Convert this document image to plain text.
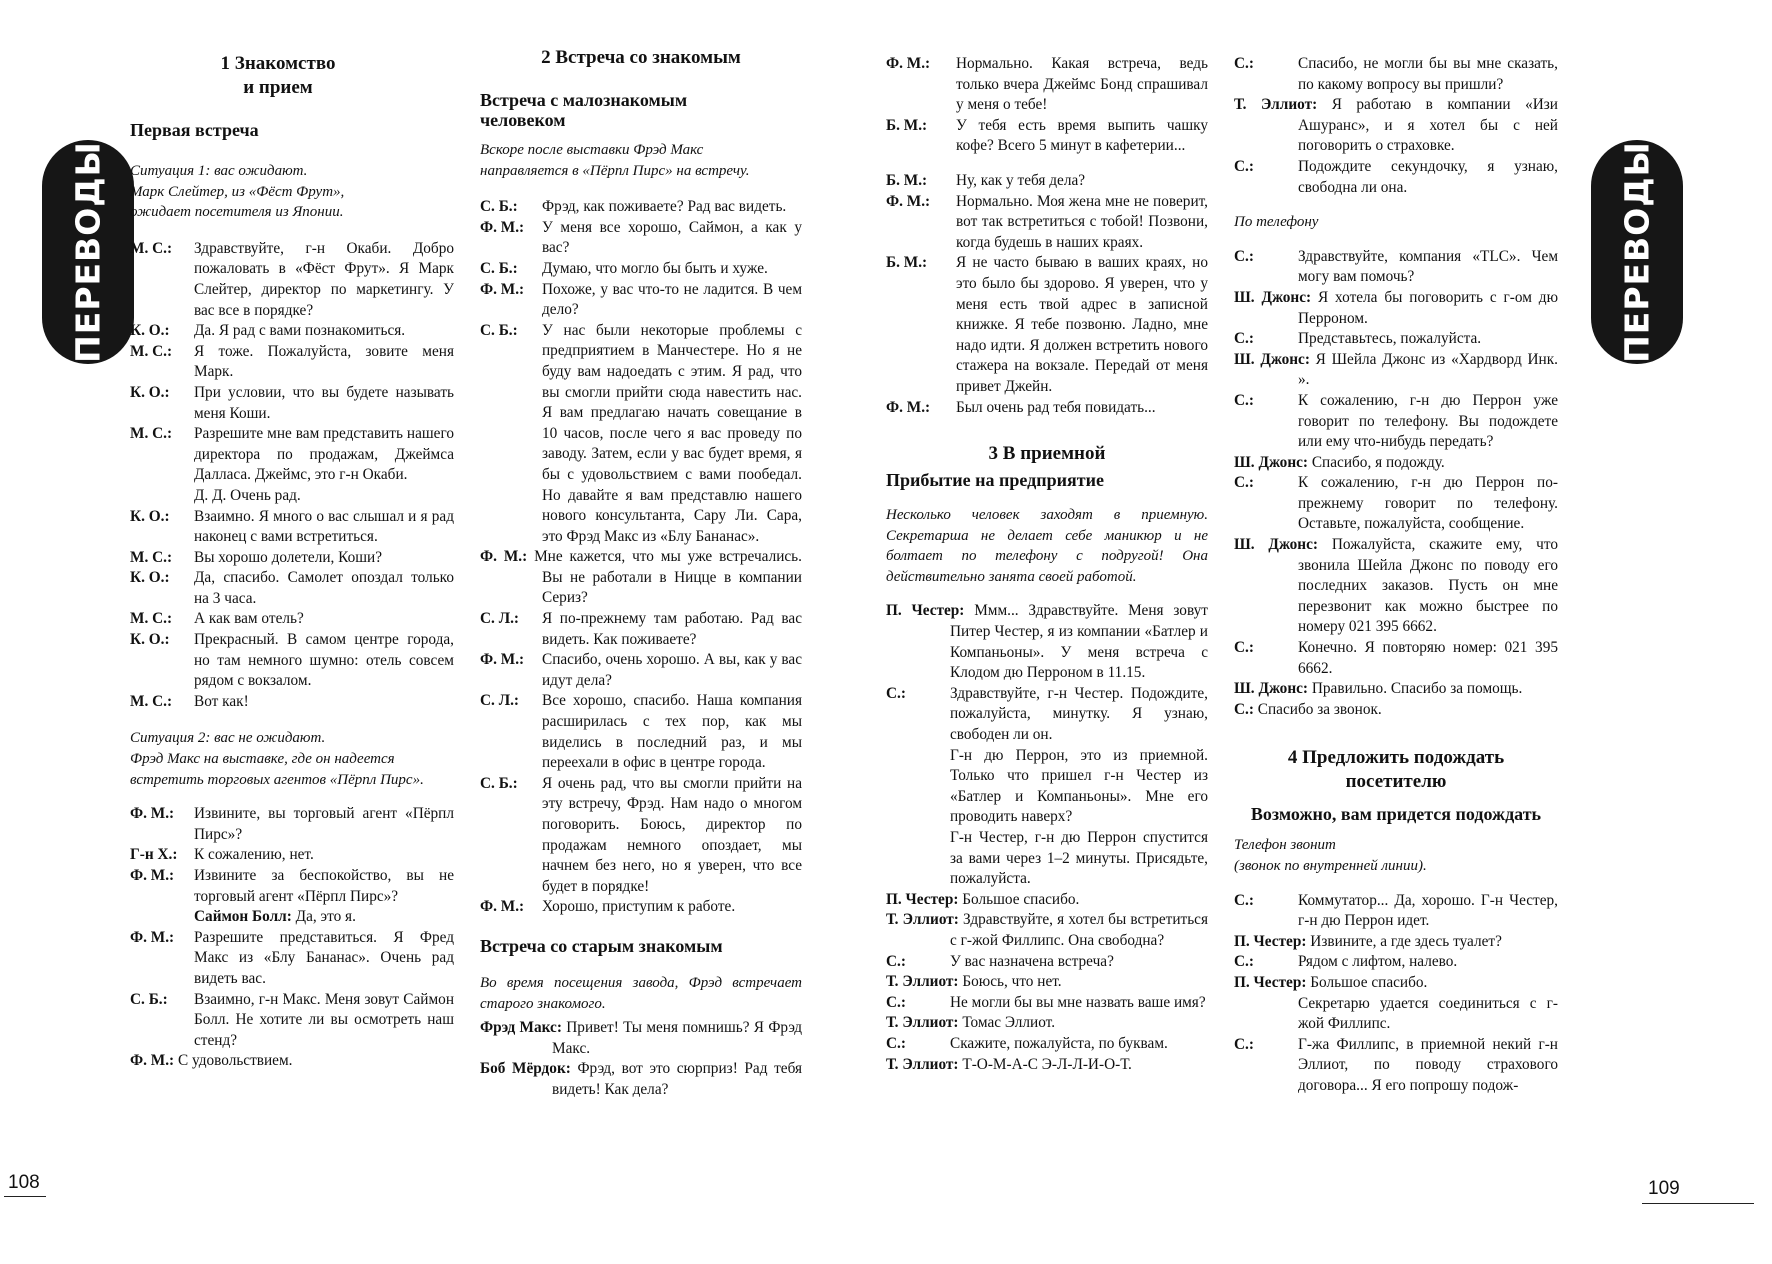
ПЕРЕВОДЫ	ПЕРЕВОДЫ
108	109
1 Знакомство
и прием
Первая встреча

Ситуация 1: вас ожидают.
Марк Слейтер, из «Фёст Фрут»,
ожидает посетителя из Японии.

М. С.:	Здравствуйте, г-н Окаби. Добро пожаловать в «Фёст Фрут». Я Марк Слейтер, директор по маркетингу. У вас все в порядке?
К. О.:	Да. Я рад с вами познакомиться.
М. С.:	Я тоже. Пожалуйста, зовите меня Марк.
К. О.:	При условии, что вы будете называть меня Коши.
М. С.:	Разрешите мне вам представить нашего директора по продажам, Джеймса Далласа. Джеймс, это г-н Окаби.
Д. Д. Очень рад.
К. О.:	Взаимно. Я много о вас слышал и я рад наконец с вами встретиться.
М. С.:	Вы хорошо долетели, Коши?
К. О.:	Да, спасибо. Самолет опоздал только на 3 часа.
М. С.:	А как вам отель?
К. О.:	Прекрасный. В самом центре города, но там немного шумно: отель совсем рядом с вокзалом.
М. С.:	Вот как!

Ситуация 2: вас не ожидают.
Фрэд Макс на выставке, где он надеется
встретить торговых агентов «Пёрпл Пирс».

Ф. М.:	Извините, вы торговый агент «Пёрпл Пирс»?
Г-н Х.:	К сожалению, нет.
Ф. М.:	Извините за беспокойство, вы не торговый агент «Пёрпл Пирс»?

Саймон Болл: Да, это я.

Ф. М.:	Разрешите представиться. Я Фред Макс из «Блу Бананас». Очень рад видеть вас.
С. Б.:	Взаимно, г-н Макс. Меня зовут Саймон Болл. Не хотите ли вы осмотреть наш стенд?

Ф. М.: С удовольствием.

2 Встреча со знакомым
Встреча с малознакомым
человеком

Вскоре после выставки Фрэд Макс
направляется в «Пёрпл Пирс» на встречу.

С. Б.:	Фрэд, как поживаете? Рад вас видеть.
Ф. М.:	У меня все хорошо, Саймон, а как у вас?
С. Б.:	Думаю, что могло бы быть и хуже.
Ф. М.:	Похоже, у вас что-то не ладится. В чем дело?
С. Б.:	У нас были некоторые проблемы с предприятием в Манчестере. Но я не буду вам надоедать с этим. Я рад, что вы смогли прийти сюда навестить нас. Я вам предлагаю начать совещание в 10 часов, после чего я вас проведу по заводу. Затем, если у вас будет время, я бы с удовольствием с вами пообедал. Но давайте я вам представлю нашего нового консультанта, Сару Ли. Сара, это Фрэд Макс из «Блу Бананас».

Ф. М.: Мне кажется, что мы уже встречались. Вы не работали в Ницце в компании Сериз?

С. Л.:	Я по-прежнему там работаю. Рад вас видеть. Как поживаете?
Ф. М.:	Спасибо, очень хорошо. А вы, как у вас идут дела?
С. Л.:	Все хорошо, спасибо. Наша компания расширилась с тех пор, как мы виделись в последний раз, и мы переехали в офис в центре города.
С. Б.:	Я очень рад, что вы смогли прийти на эту встречу, Фрэд. Нам надо о многом поговорить. Боюсь, директор по продажам немного опоздает, мы начнем без него, но я уверен, что все будет в порядке!
Ф. М.:	Хорошо, приступим к работе.
Встреча со старым знакомым

Во время посещения завода, Фрэд встречает старого знакомого.

Фрэд Макс: Привет! Ты меня помнишь? Я Фрэд Макс.

Боб Мёрдок: Фрэд, вот это сюрприз! Рад тебя видеть! Как дела?

Ф. М.:	Нормально. Какая встреча, ведь только вчера Джеймс Бонд спрашивал у меня о тебе!
Б. М.:	У тебя есть время выпить чашку кофе? Всего 5 минут в кафетерии...
Б. М.:	Ну, как у тебя дела?
Ф. М.:	Нормально. Моя жена мне не поверит, вот так встретиться с тобой! Позвони, когда будешь в наших краях.
Б. М.:	Я не часто бываю в ваших краях, но это было бы здорово. Я уверен, что у меня есть твой адрес в записной книжке. Я тебе позвоню. Ладно, мне надо идти. Я должен встретить нового стажера на вокзале. Передай от меня привет Джейн.
Ф. М.:	Был очень рад тебя повидать...
3 В приемной
Прибытие на предприятие

Несколько человек заходят в приемную. Секретарша не делает себе маникюр и не болтает по телефону с подругой! Она действительно занята своей работой.

П. Честер: Ммм... Здравствуйте. Меня зовут Питер Честер, я из компании «Батлер и Компаньоны». У меня встреча с Клодом дю Перроном в 11.15.

С.:	Здравствуйте, г-н Честер. Подождите, пожалуйста, минутку. Я узнаю, свободен ли он.
Г-н дю Перрон, это из приемной. Только что пришел г-н Честер из «Батлер и Компаньоны». Мне его проводить наверх?
Г-н Честер, г-н дю Перрон спустится за вами через 1–2 минуты. Присядьте, пожалуйста.

П. Честер: Большое спасибо.

Т. Эллиот: Здравствуйте, я хотел бы встретиться с г-жой Филлипс. Она свободна?

С.:	У вас назначена встреча?

Т. Эллиот: Боюсь, что нет.

С.:	Не могли бы вы мне назвать ваше имя?

Т. Эллиот: Томас Эллиот.

С.:	Скажите, пожалуйста, по буквам.

Т. Эллиот: Т-О-М-А-С Э-Л-Л-И-О-Т.

С.:	Спасибо, не могли бы вы мне сказать, по какому вопросу вы пришли?

Т. Эллиот: Я работаю в компании «Изи Ашуранс», и я хотел бы с ней поговорить о страховке.

С.:	Подождите секундочку, я узнаю, свободна ли она.

По телефону

С.:	Здравствуйте, компания «TLC». Чем могу вам помочь?

Ш. Джонс: Я хотела бы поговорить с г-ом дю Перроном.

С.:	Представьтесь, пожалуйста.

Ш. Джонс: Я Шейла Джонс из «Хардворд Инк. ».

С.:	К сожалению, г-н дю Перрон уже говорит по телефону. Вы подождете или ему что-нибудь передать?

Ш. Джонс: Спасибо, я подожду.

С.:	К сожалению, г-н дю Перрон по-прежнему говорит по телефону. Оставьте, пожалуйста, сообщение.

Ш. Джонс: Пожалуйста, скажите ему, что звонила Шейла Джонс по поводу его последних заказов. Пусть он мне перезвонит как можно быстрее по номеру 021 395 6662.

С.:	Конечно. Я повторяю номер: 021 395 6662.

Ш. Джонс: Правильно. Спасибо за помощь.

С.: Спасибо за звонок.

4 Предложить подождать
посетителю
Возможно, вам придется подождать

Телефон звонит
(звонок по внутренней линии).

С.:	Коммутатор... Да, хорошо. Г-н Честер, г-н дю Перрон идет.

П. Честер: Извините, а где здесь туалет?

С.:	Рядом с лифтом, налево.

П. Честер: Большое спасибо.

Секретарю удается соединиться с г-жой Филлипс.

С.:	Г-жа Филлипс, в приемной некий г-н Эллиот, по поводу страхового договора... Я его попрошу подож-
